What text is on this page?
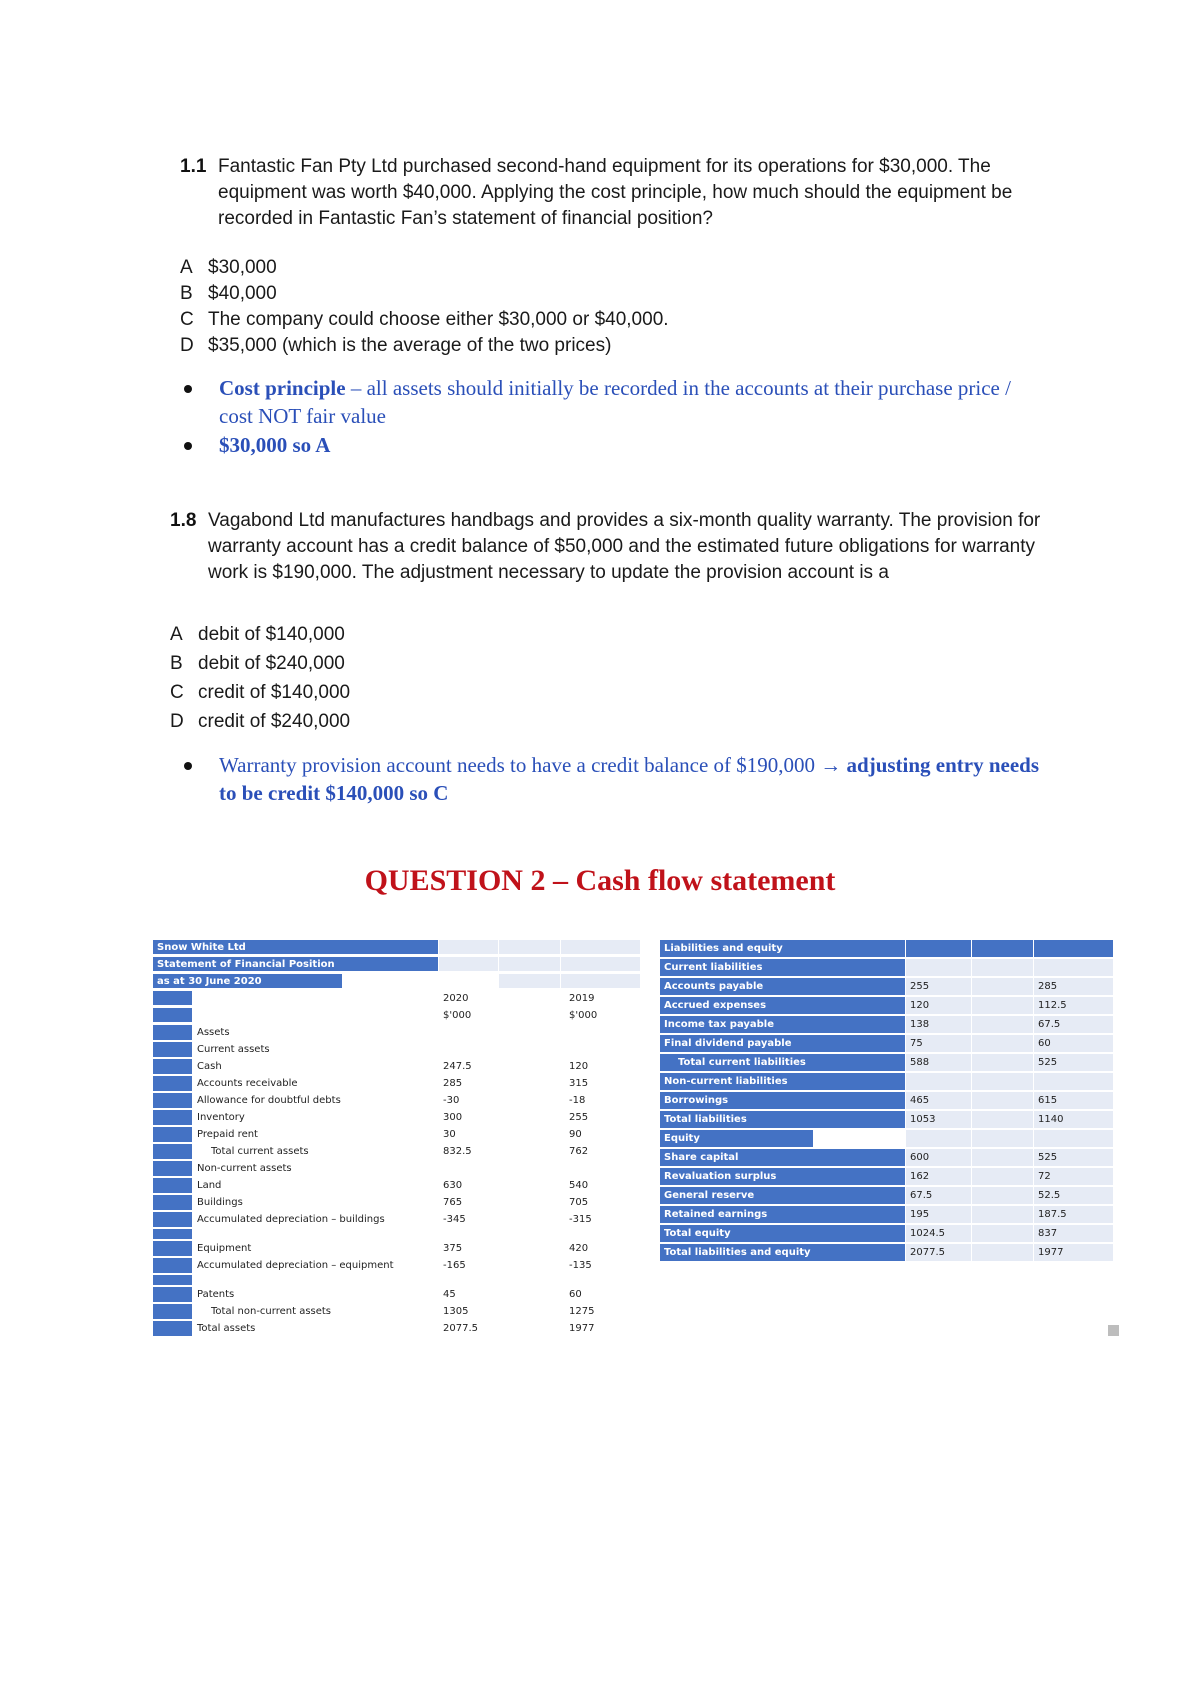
1.1 Fantastic Fan Pty Ltd purchased second-hand equipment for its operations for $30,000. The equipment was worth $40,000. Applying the cost principle, how much should the equipment be recorded in Fantastic Fan’s statement of financial position?
A $30,000
B $40,000
C The company could choose either $30,000 or $40,000.
D $35,000 (which is the average of the two prices)
Cost principle – all assets should initially be recorded in the accounts at their purchase price / cost NOT fair value
$30,000 so A
1.8 Vagabond Ltd manufactures handbags and provides a six-month quality warranty. The provision for warranty account has a credit balance of $50,000 and the estimated future obligations for warranty work is $190,000. The adjustment necessary to update the provision account is a
A debit of $140,000
B debit of $240,000
C credit of $140,000
D credit of $240,000
Warranty provision account needs to have a credit balance of $190,000 → adjusting entry needs to be credit $140,000 so C
QUESTION 2 – Cash flow statement
Snow White Ltd
Statement of Financial Position
as at 30 June 2020
2020	2019
$'000	$'000
Assets
Current assets
Cash	247.5	120
Accounts receivable	285	315
Allowance for doubtful debts	-30	-18
Inventory	300	255
Prepaid rent	30	90
Total current assets	832.5	762
Non-current assets
Land	630	540
Buildings	765	705
Accumulated depreciation – buildings	-345	-315
Equipment	375	420
Accumulated depreciation – equipment	-165	-135
Patents	45	60
Total non-current assets	1305	1275
Total assets	2077.5	1977
Liabilities and equity
Current liabilities
Accounts payable	255	285
Accrued expenses	120	112.5
Income tax payable	138	67.5
Final dividend payable	75	60
Total current liabilities	588	525
Non-current liabilities
Borrowings	465	615
Total liabilities	1053	1140
Equity
Share capital	600	525
Revaluation surplus	162	72
General reserve	67.5	52.5
Retained earnings	195	187.5
Total equity	1024.5	837
Total liabilities and equity	2077.5	1977
